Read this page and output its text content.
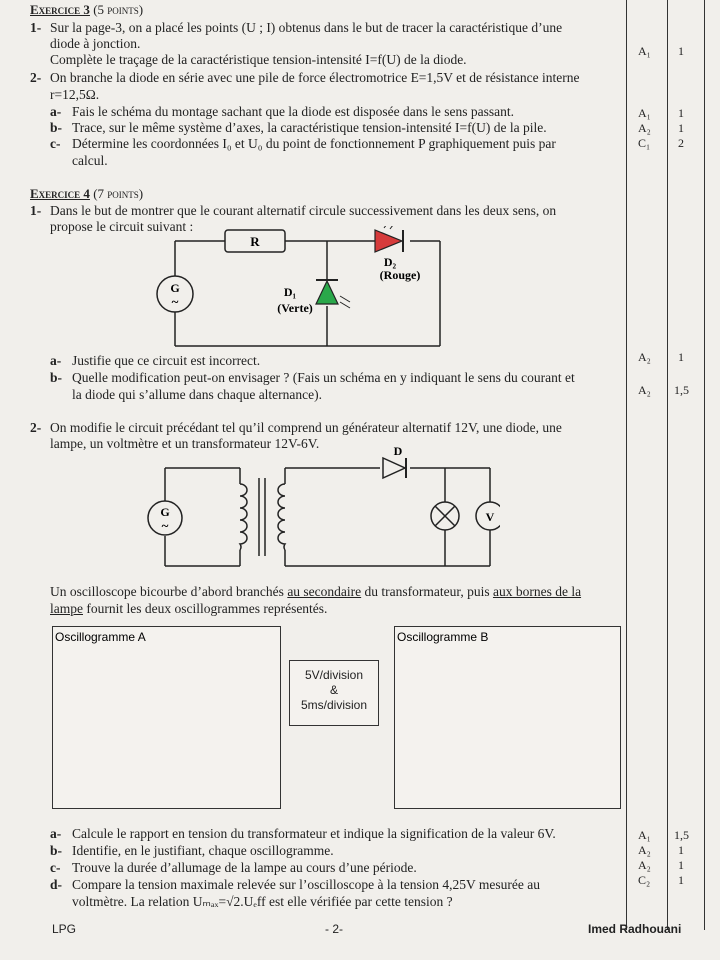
Exercice 3 (5 points)
1- Sur la page-3, on a placé les points (U ; I) obtenus dans le but de tracer la caractéristique d’une
diode à jonction.
Complète le traçage de la caractéristique tension-intensité I=f(U) de la diode.
2- On branche la diode en série avec une pile de force électromotrice E=1,5V et de résistance interne
r=12,5Ω.
a- Fais le schéma du montage sachant que la diode est disposée dans le sens passant.
b- Trace, sur le même système d’axes, la caractéristique tension-intensité I=f(U) de la pile.
c- Détermine les coordonnées I₀ et U₀ du point de fonctionnement P graphiquement puis par
calcul.
Exercice 4 (7 points)
1- Dans le but de montrer que le courant alternatif circule successivement dans les deux sens, on
propose le circuit suivant :
R
G
~
D₂
(Rouge)
D₁
(Verte)
a- Justifie que ce circuit est incorrect.
b- Quelle modification peut-on envisager ? (Fais un schéma en y indiquant le sens du courant et
la diode qui s’allume dans chaque alternance).
2- On modifie le circuit précédant tel qu’il comprend un générateur alternatif 12V, une diode, une
lampe, un voltmètre et un transformateur 12V-6V.
G
~
D
V
Un oscilloscope bicourbe d’abord branchés au secondaire du transformateur, puis aux bornes de la
lampe fournit les deux oscillogrammes représentés.
Oscillogramme A
5V/division
&
5ms/division
Oscillogramme B
a- Calcule le rapport en tension du transformateur et indique la signification de la valeur 6V.
b- Identifie, en le justifiant, chaque oscillogramme.
c- Trouve la durée d’allumage de la lampe au cours d’une période.
d- Compare la tension maximale relevée sur l’oscilloscope à la tension 4,25V mesurée au
voltmètre. La relation Uₘₐₓ=√2.Uₑff est elle vérifiée par cette tension ?
A₁ 1
A₁ 1
A₂ 1
C₁ 2
A₂ 1
A₂ 1,5
A₁ 1,5
A₂ 1
A₂ 1
C₂ 1
LPG	- 2-	Imed Radhouani
